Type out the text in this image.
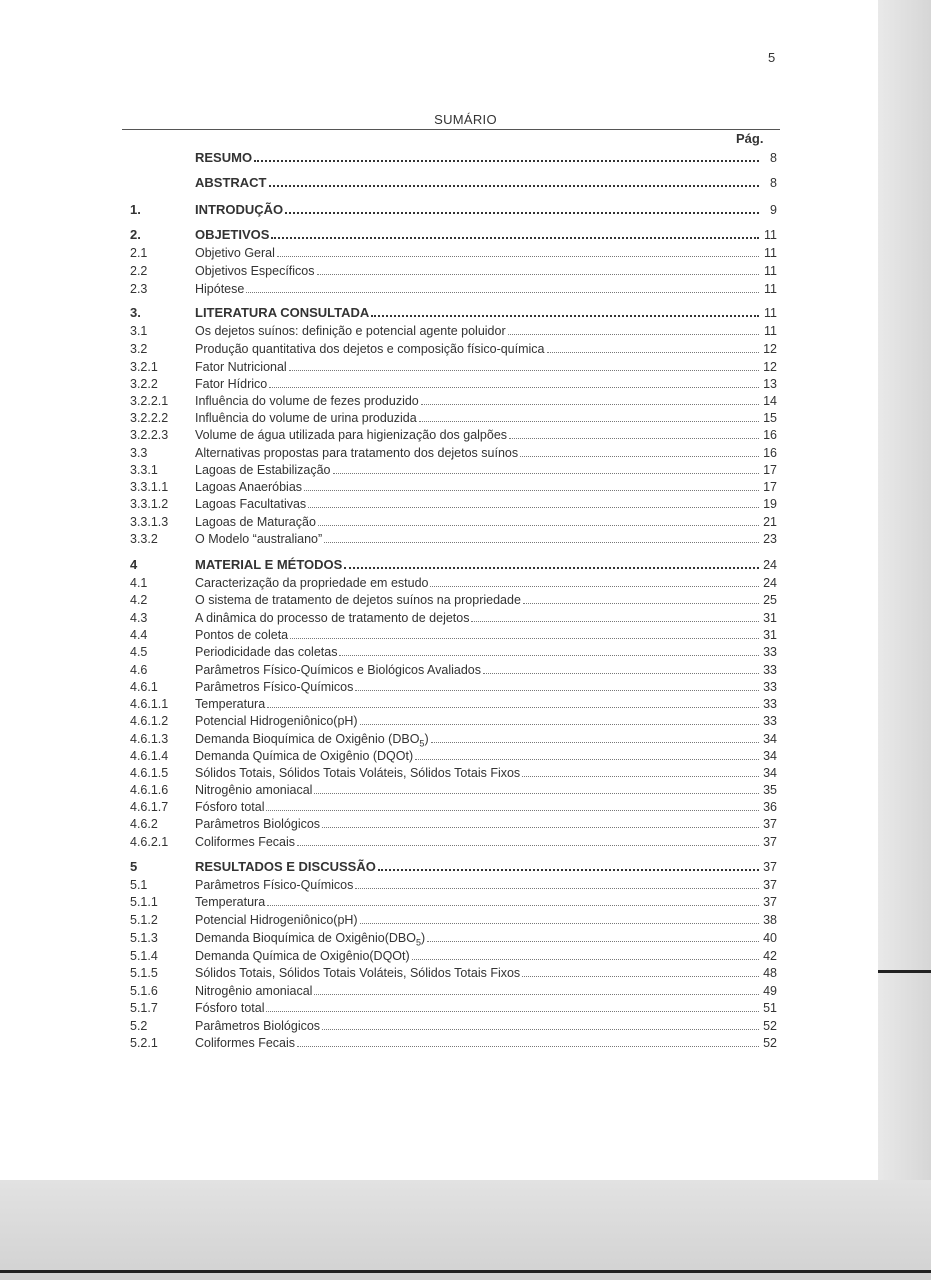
5
SUMÁRIO
Pág.
RESUMO	8
ABSTRACT	8
1.	INTRODUÇÃO	9
2.	OBJETIVOS	11
2.1	Objetivo Geral	11
2.2	Objetivos Específicos	11
2.3	Hipótese	11
3.	LITERATURA CONSULTADA	11
3.1	Os dejetos suínos: definição e potencial agente poluidor	11
3.2	Produção quantitativa dos dejetos e composição físico-química	12
3.2.1	Fator Nutricional	12
3.2.2	Fator Hídrico	13
3.2.2.1 Influência do volume de fezes produzido	14
3.2.2.2 Influência do volume de urina produzida	15
3.2.2.3 Volume de água utilizada para higienização dos galpões	16
3.3	Alternativas propostas para tratamento dos dejetos suínos	16
3.3.1	Lagoas de Estabilização	17
3.3.1.1 Lagoas Anaeróbias	17
3.3.1.2 Lagoas Facultativas	19
3.3.1.3 Lagoas de Maturação	21
3.3.2	O Modelo “australiano”	23
4	MATERIAL E MÉTODOS	24
4.1	Caracterização da propriedade em estudo	24
4.2	O sistema de tratamento de dejetos suínos na propriedade	25
4.3	A dinâmica do processo de tratamento de dejetos	31
4.4	Pontos de coleta	31
4.5	Periodicidade das coletas	33
4.6	Parâmetros Físico-Químicos e Biológicos Avaliados	33
4.6.1	Parâmetros Físico-Químicos	33
4.6.1.1 Temperatura	33
4.6.1.2 Potencial Hidrogeniônico(pH)	33
4.6.1.3 Demanda Bioquímica de Oxigênio $(DBO_5)$	34
4.6.1.4 Demanda Química de Oxigênio (DQOt)	34
4.6.1.5 Sólidos Totais, Sólidos Totais Voláteis, Sólidos Totais Fixos	34
4.6.1.6 Nitrogênio amoniacal	35
4.6.1.7 Fósforo total	36
4.6.2	Parâmetros Biológicos	37
4.6.2.1 Coliformes Fecais	37
5	RESULTADOS E DISCUSSÃO	37
5.1	Parâmetros Físico-Químicos	37
5.1.1	Temperatura	37
5.1.2	Potencial Hidrogeniônico(pH)	38
5.1.3	Demanda Bioquímica de $Oxigênio(DBO_5)$	40
5.1.4	Demanda Química de Oxigênio(DQOt)	42
5.1.5	Sólidos Totais, Sólidos Totais Voláteis, Sólidos Totais Fixos	48
5.1.6	Nitrogênio amoniacal	49
5.1.7	Fósforo total	51
5.2	Parâmetros Biológicos	52
5.2.1	Coliformes Fecais	52
